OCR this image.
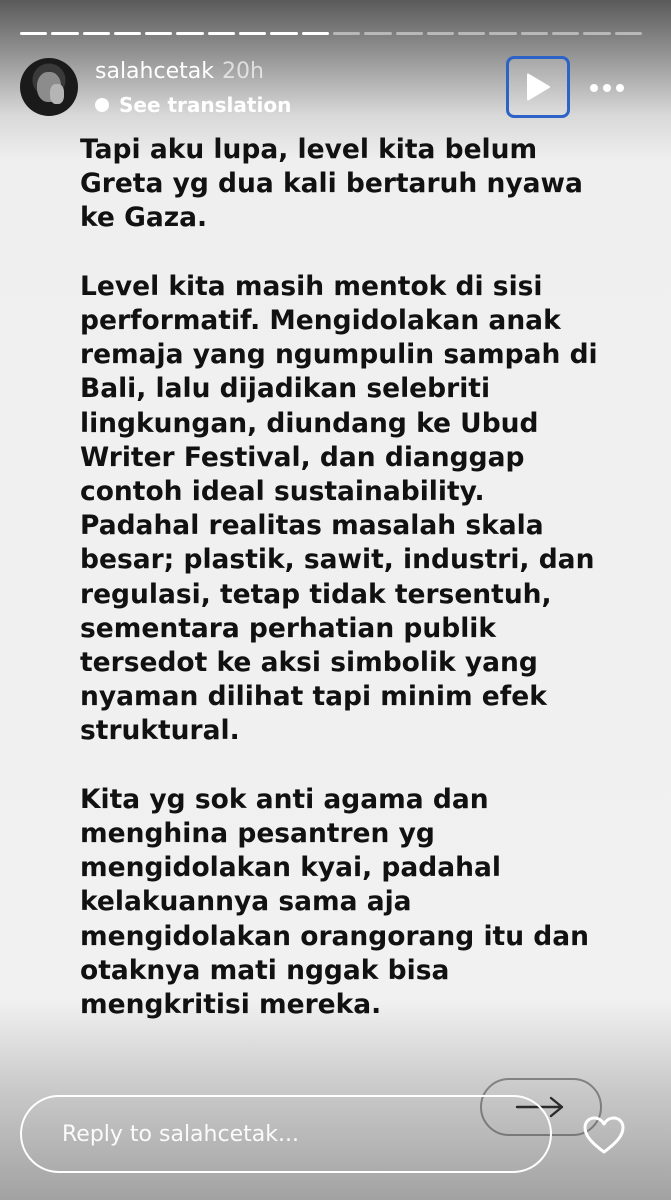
salahcetak 20h
See translation

Tapi aku lupa, level kita belum Greta yg dua kali bertaruh nyawa ke Gaza.

Level kita masih mentok di sisi performatif. Mengidolakan anak remaja yang ngumpulin sampah di Bali, lalu dijadikan selebriti lingkungan, diundang ke Ubud Writer Festival, dan dianggap contoh ideal sustainability. Padahal realitas masalah skala besar; plastik, sawit, industri, dan regulasi, tetap tidak tersentuh, sementara perhatian publik tersedot ke aksi simbolik yang nyaman dilihat tapi minim efek struktural.

Kita yg sok anti agama dan menghina pesantren yg mengidolakan kyai, padahal kelakuannya sama aja mengidolakan orangorang itu dan otaknya mati nggak bisa mengkritisi mereka.

Reply to salahcetak...
